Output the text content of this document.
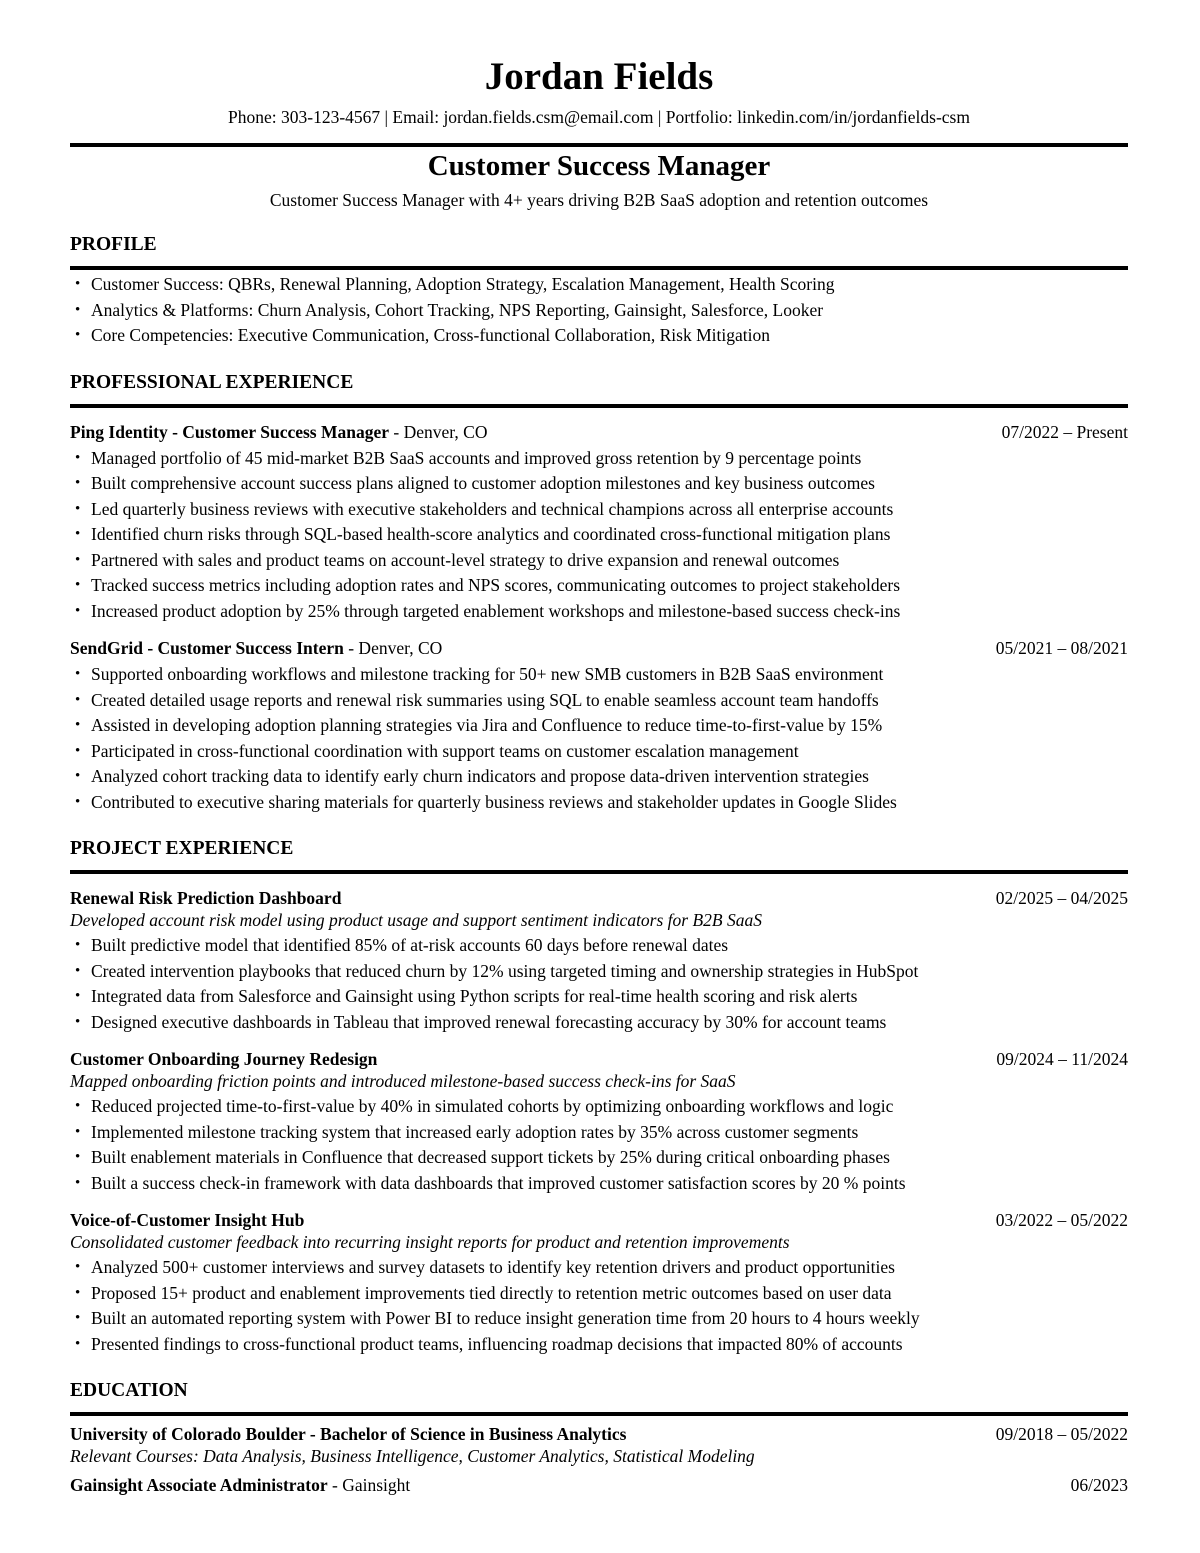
Jordan Fields
Phone: 303-123-4567 | Email: jordan.fields.csm@email.com | Portfolio: linkedin.com/in/jordanfields-csm
Customer Success Manager
Customer Success Manager with 4+ years driving B2B SaaS adoption and retention outcomes
PROFILE
• Customer Success: QBRs, Renewal Planning, Adoption Strategy, Escalation Management, Health Scoring
• Analytics & Platforms: Churn Analysis, Cohort Tracking, NPS Reporting, Gainsight, Salesforce, Looker
• Core Competencies: Executive Communication, Cross-functional Collaboration, Risk Mitigation
PROFESSIONAL EXPERIENCE
Ping Identity - Customer Success Manager - Denver, CO	07/2022 – Present
• Managed portfolio of 45 mid-market B2B SaaS accounts and improved gross retention by 9 percentage points
• Built comprehensive account success plans aligned to customer adoption milestones and key business outcomes
• Led quarterly business reviews with executive stakeholders and technical champions across all enterprise accounts
• Identified churn risks through SQL-based health-score analytics and coordinated cross-functional mitigation plans
• Partnered with sales and product teams on account-level strategy to drive expansion and renewal outcomes
• Tracked success metrics including adoption rates and NPS scores, communicating outcomes to project stakeholders
• Increased product adoption by 25% through targeted enablement workshops and milestone-based success check-ins
SendGrid - Customer Success Intern - Denver, CO	05/2021 – 08/2021
• Supported onboarding workflows and milestone tracking for 50+ new SMB customers in B2B SaaS environment
• Created detailed usage reports and renewal risk summaries using SQL to enable seamless account team handoffs
• Assisted in developing adoption planning strategies via Jira and Confluence to reduce time-to-first-value by 15%
• Participated in cross-functional coordination with support teams on customer escalation management
• Analyzed cohort tracking data to identify early churn indicators and propose data-driven intervention strategies
• Contributed to executive sharing materials for quarterly business reviews and stakeholder updates in Google Slides
PROJECT EXPERIENCE
Renewal Risk Prediction Dashboard	02/2025 – 04/2025
Developed account risk model using product usage and support sentiment indicators for B2B SaaS
• Built predictive model that identified 85% of at-risk accounts 60 days before renewal dates
• Created intervention playbooks that reduced churn by 12% using targeted timing and ownership strategies in HubSpot
• Integrated data from Salesforce and Gainsight using Python scripts for real-time health scoring and risk alerts
• Designed executive dashboards in Tableau that improved renewal forecasting accuracy by 30% for account teams
Customer Onboarding Journey Redesign	09/2024 – 11/2024
Mapped onboarding friction points and introduced milestone-based success check-ins for SaaS
• Reduced projected time-to-first-value by 40% in simulated cohorts by optimizing onboarding workflows and logic
• Implemented milestone tracking system that increased early adoption rates by 35% across customer segments
• Built enablement materials in Confluence that decreased support tickets by 25% during critical onboarding phases
• Built a success check-in framework with data dashboards that improved customer satisfaction scores by 20 % points
Voice-of-Customer Insight Hub	03/2022 – 05/2022
Consolidated customer feedback into recurring insight reports for product and retention improvements
• Analyzed 500+ customer interviews and survey datasets to identify key retention drivers and product opportunities
• Proposed 15+ product and enablement improvements tied directly to retention metric outcomes based on user data
• Built an automated reporting system with Power BI to reduce insight generation time from 20 hours to 4 hours weekly
• Presented findings to cross-functional product teams, influencing roadmap decisions that impacted 80% of accounts
EDUCATION
University of Colorado Boulder - Bachelor of Science in Business Analytics	09/2018 – 05/2022
Relevant Courses: Data Analysis, Business Intelligence, Customer Analytics, Statistical Modeling
Gainsight Associate Administrator - Gainsight	06/2023
